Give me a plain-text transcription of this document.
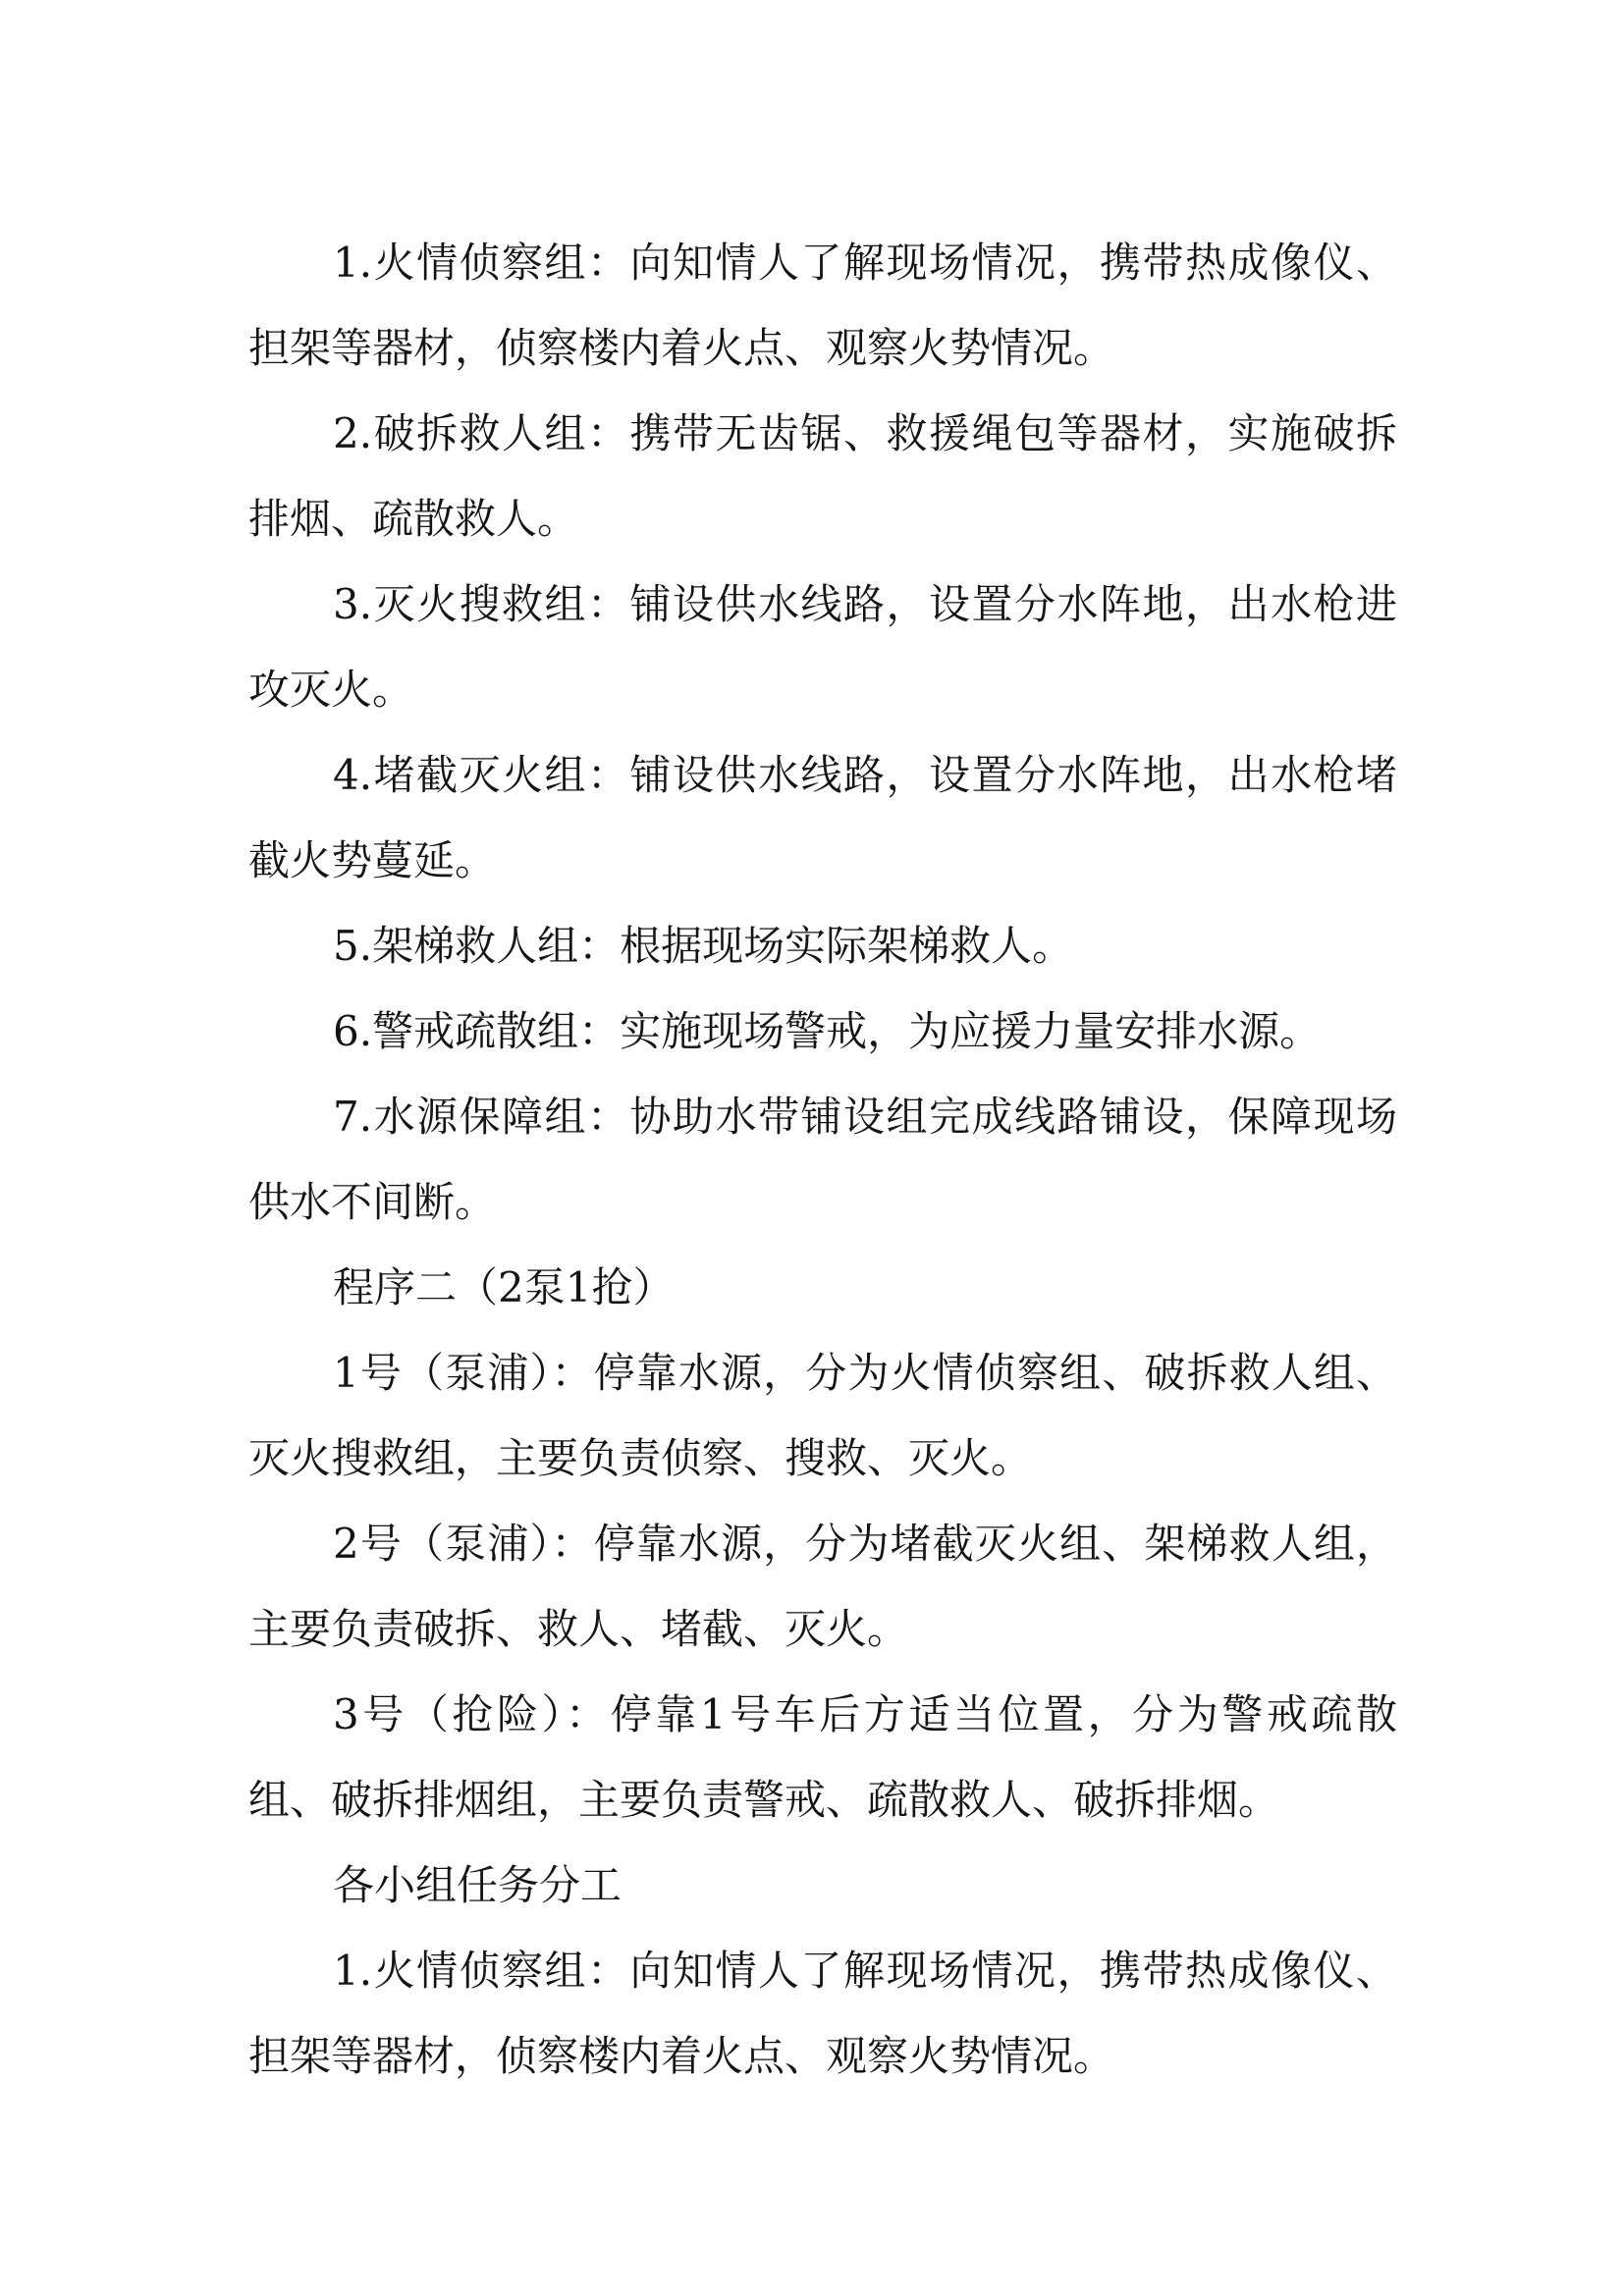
1.火情侦察组：向知情人了解现场情况，携带热成像仪、
担架等器材，侦察楼内着火点、观察火势情况。
2.破拆救人组：携带无齿锯、救援绳包等器材，实施破拆
排烟、疏散救人。
3.灭火搜救组：铺设供水线路，设置分水阵地，出水枪进
攻灭火。
4.堵截灭火组：铺设供水线路，设置分水阵地，出水枪堵
截火势蔓延。
5.架梯救人组：根据现场实际架梯救人。
6.警戒疏散组：实施现场警戒，为应援力量安排水源。
7.水源保障组：协助水带铺设组完成线路铺设，保障现场
供水不间断。
程序二（2泵1抢）
1号（泵浦）：停靠水源，分为火情侦察组、破拆救人组、
灭火搜救组，主要负责侦察、搜救、灭火。
2号（泵浦）：停靠水源，分为堵截灭火组、架梯救人组，
主要负责破拆、救人、堵截、灭火。
3号（抢险）：停靠1号车后方适当位置，分为警戒疏散
组、破拆排烟组，主要负责警戒、疏散救人、破拆排烟。
各小组任务分工
1.火情侦察组：向知情人了解现场情况，携带热成像仪、
担架等器材，侦察楼内着火点、观察火势情况。
